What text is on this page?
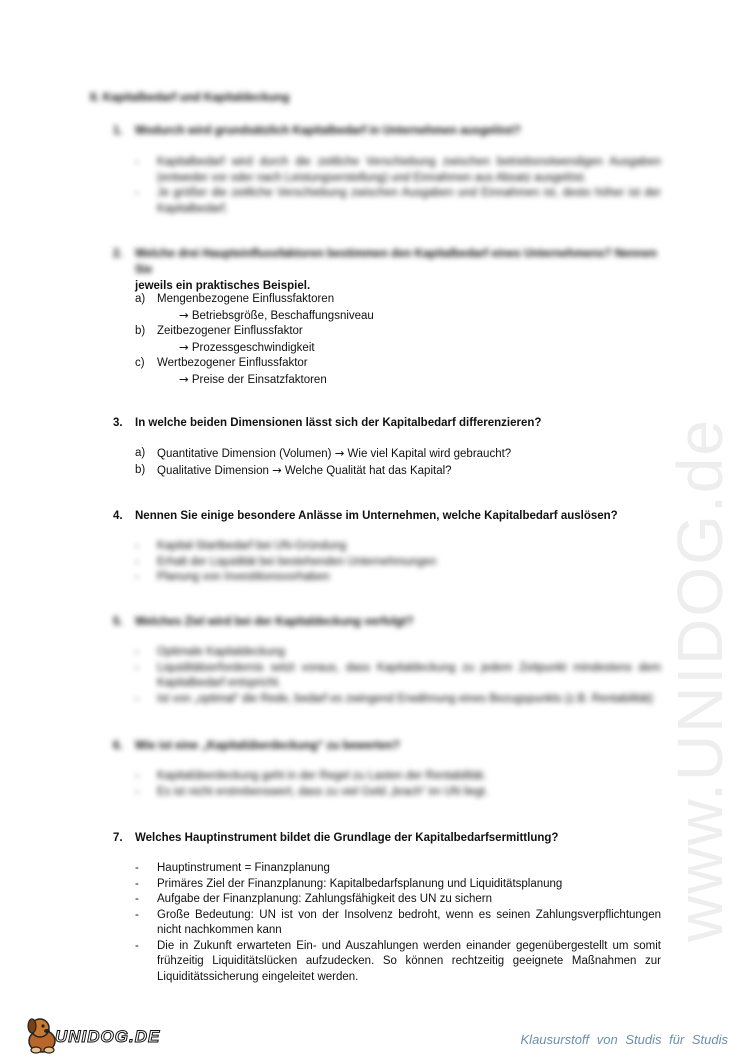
www.UNIDOG.de
II. Kapitalbedarf und Kapitaldeckung
1. Wodurch wird grundsätzlich Kapitalbedarf in Unternehmen ausgelöst?
- Kapitalbedarf wird durch die zeitliche Verschiebung zwischen betriebsnotwendigen Ausgaben (entweder vor oder nach Leistungserstellung) und Einnahmen aus Absatz ausgelöst.
- Je größer die zeitliche Verschiebung zwischen Ausgaben und Einnahmen ist, desto höher ist der Kapitalbedarf.
2. Welche drei Haupteinflussfaktoren bestimmen den Kapitalbedarf eines Unternehmens? Nennen Sie
jeweils ein praktisches Beispiel.
a) Mengenbezogene Einflussfaktoren
→ Betriebsgröße, Beschaffungsniveau
b) Zeitbezogener Einflussfaktor
→ Prozessgeschwindigkeit
c) Wertbezogener Einflussfaktor
→ Preise der Einsatzfaktoren
3. In welche beiden Dimensionen lässt sich der Kapitalbedarf differenzieren?
a) Quantitative Dimension (Volumen) → Wie viel Kapital wird gebraucht?
b) Qualitative Dimension → Welche Qualität hat das Kapital?
4. Nennen Sie einige besondere Anlässe im Unternehmen, welche Kapitalbedarf auslösen?
- Kapital-Startbedarf bei UN-Gründung
- Erhalt der Liquidität bei bestehenden Unternehmungen
- Planung von Investitionsvorhaben
5. Welches Ziel wird bei der Kapitaldeckung verfolgt?
- Optimale Kapitaldeckung
- Liquiditätserfordernis setzt voraus, dass Kapitaldeckung zu jedem Zeitpunkt mindestens dem Kapitalbedarf entspricht.
- Ist von „optimal“ die Rede, bedarf es zwingend Erwähnung eines Bezugspunkts (z.B. Rentabilität)
6. Wie ist eine „Kapitalüberdeckung“ zu bewerten?
- Kapitalüberdeckung geht in der Regel zu Lasten der Rentabilität.
- Es ist nicht erstrebenswert, dass zu viel Geld „brach“ im UN liegt.
7. Welches Hauptinstrument bildet die Grundlage der Kapitalbedarfsermittlung?
- Hauptinstrument = Finanzplanung
- Primäres Ziel der Finanzplanung: Kapitalbedarfsplanung und Liquiditätsplanung
- Aufgabe der Finanzplanung: Zahlungsfähigkeit des UN zu sichern
- Große Bedeutung: UN ist von der Insolvenz bedroht, wenn es seinen Zahlungsverpflichtungen nicht nachkommen kann
- Die in Zukunft erwarteten Ein- und Auszahlungen werden einander gegenübergestellt um somit frühzeitig Liquiditätslücken aufzudecken. So können rechtzeitig geeignete Maßnahmen zur Liquiditätssicherung eingeleitet werden.
UNIDOG.DE	Klausurstoff von Studis für Studis
